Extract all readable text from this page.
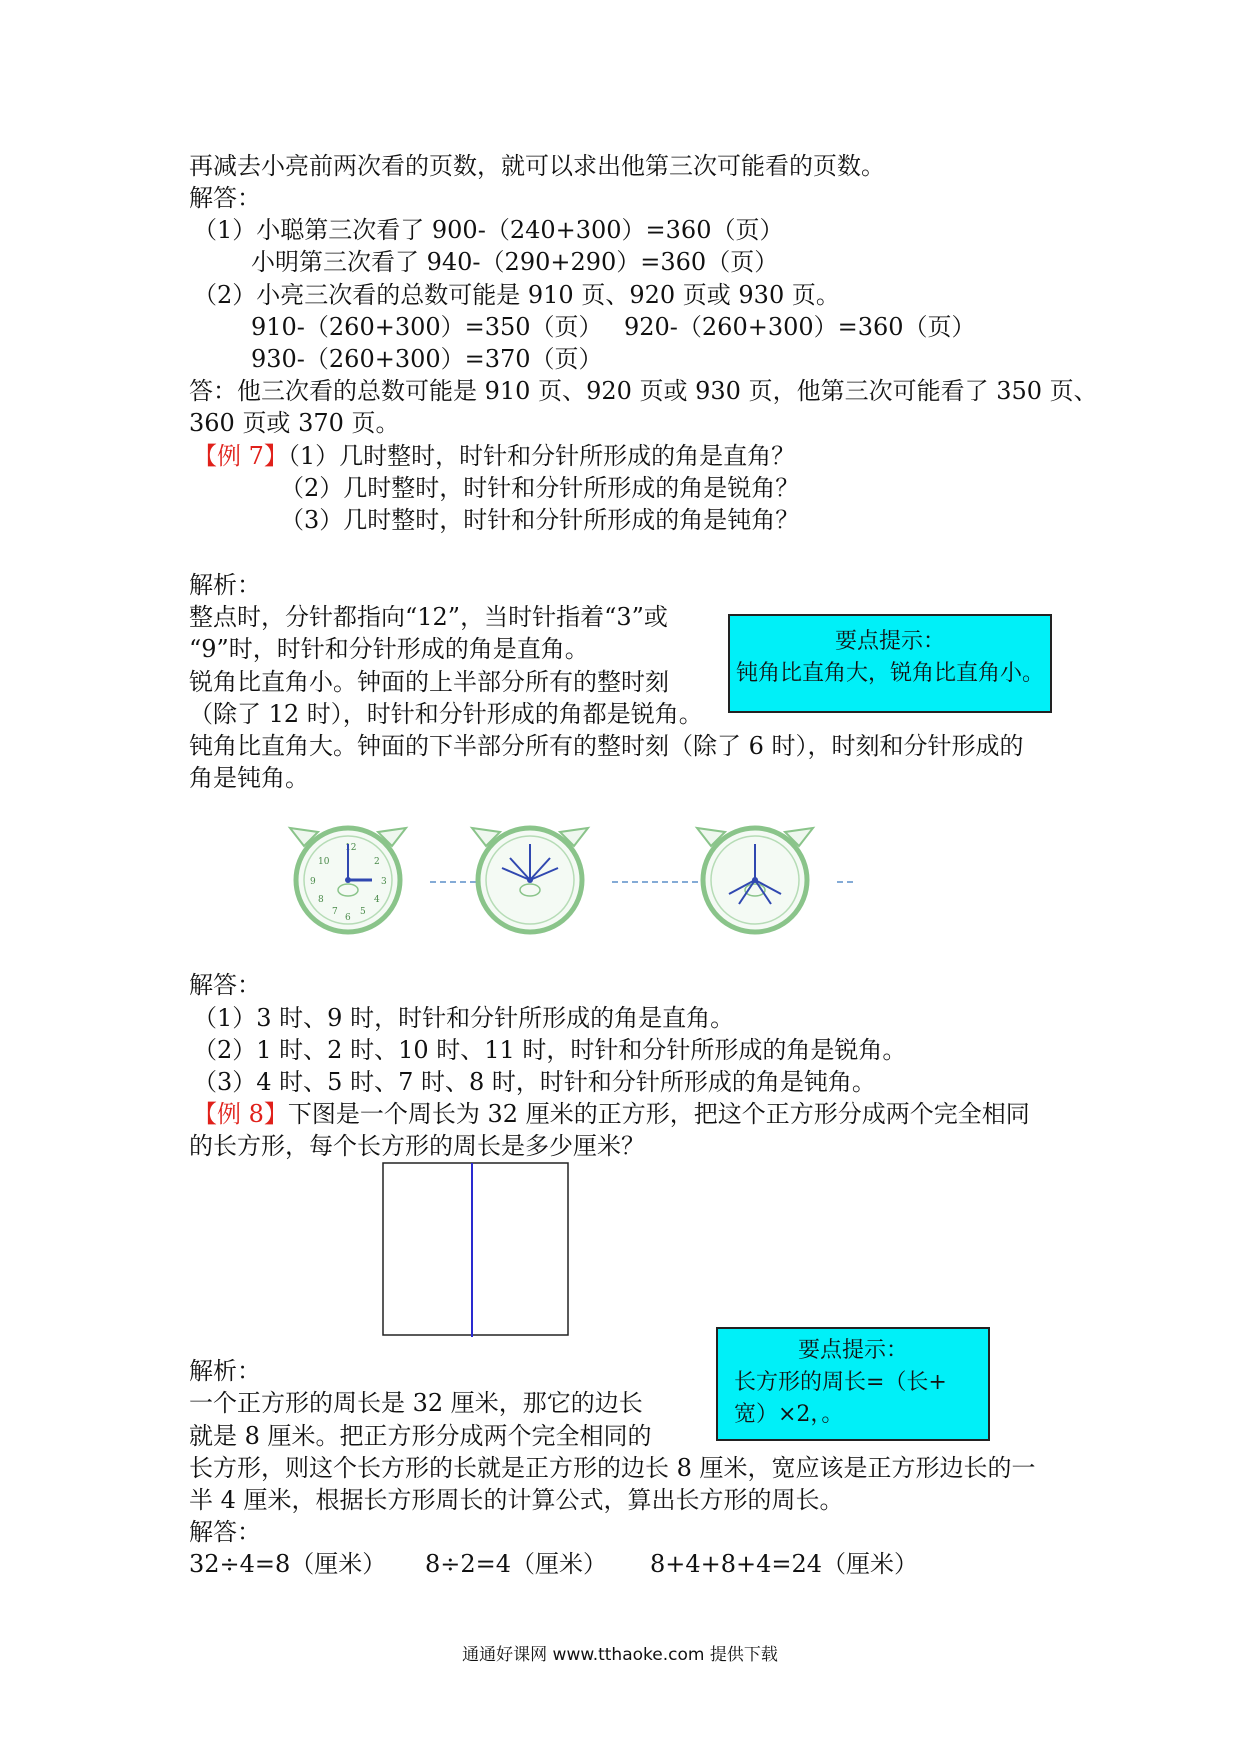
再减去小亮前两次看的页数，就可以求出他第三次可能看的页数。
解答：
（1）小聪第三次看了 900-（240+300）=360（页）
小明第三次看了 940-（290+290）=360（页）
（2）小亮三次看的总数可能是 910 页、920 页或 930 页。
910-（260+300）=350（页） 920-（260+300）=360（页）
930-（260+300）=370（页）
答：他三次看的总数可能是 910 页、920 页或 930 页，他第三次可能看了 350 页、
360 页或 370 页。
【例 7】（1）几时整时，时针和分针所形成的角是直角？
（2）几时整时，时针和分针所形成的角是锐角？
（3）几时整时，时针和分针所形成的角是钝角？
解析：
整点时，分针都指向“12”，当时针指着“3”或
“9”时，时针和分针形成的角是直角。
锐角比直角小。钟面的上半部分所有的整时刻
（除了 12 时），时针和分针形成的角都是锐角。
钝角比直角大。钟面的下半部分所有的整时刻（除了 6 时），时刻和分针形成的
角是钝角。
要点提示：
钝角比直角大，锐角比直角小。
12
10	2
9	3
8	4
7 5
6
解答：
（1）3 时、9 时，时针和分针所形成的角是直角。
（2）1 时、2 时、10 时、11 时，时针和分针所形成的角是锐角。
（3）4 时、5 时、7 时、8 时，时针和分针所形成的角是钝角。
【例 8】下图是一个周长为 32 厘米的正方形，把这个正方形分成两个完全相同
的长方形，每个长方形的周长是多少厘米？
要点提示：
长方形的周长=（长+
宽）×2，。
解析：
一个正方形的周长是 32 厘米，那它的边长
就是 8 厘米。把正方形分成两个完全相同的
长方形，则这个长方形的长就是正方形的边长 8 厘米，宽应该是正方形边长的一
半 4 厘米，根据长方形周长的计算公式，算出长方形的周长。
解答：
32÷4=8（厘米） 8÷2=4（厘米） 8+4+8+4=24（厘米）
通通好课网 www.tthaoke.com 提供下载
